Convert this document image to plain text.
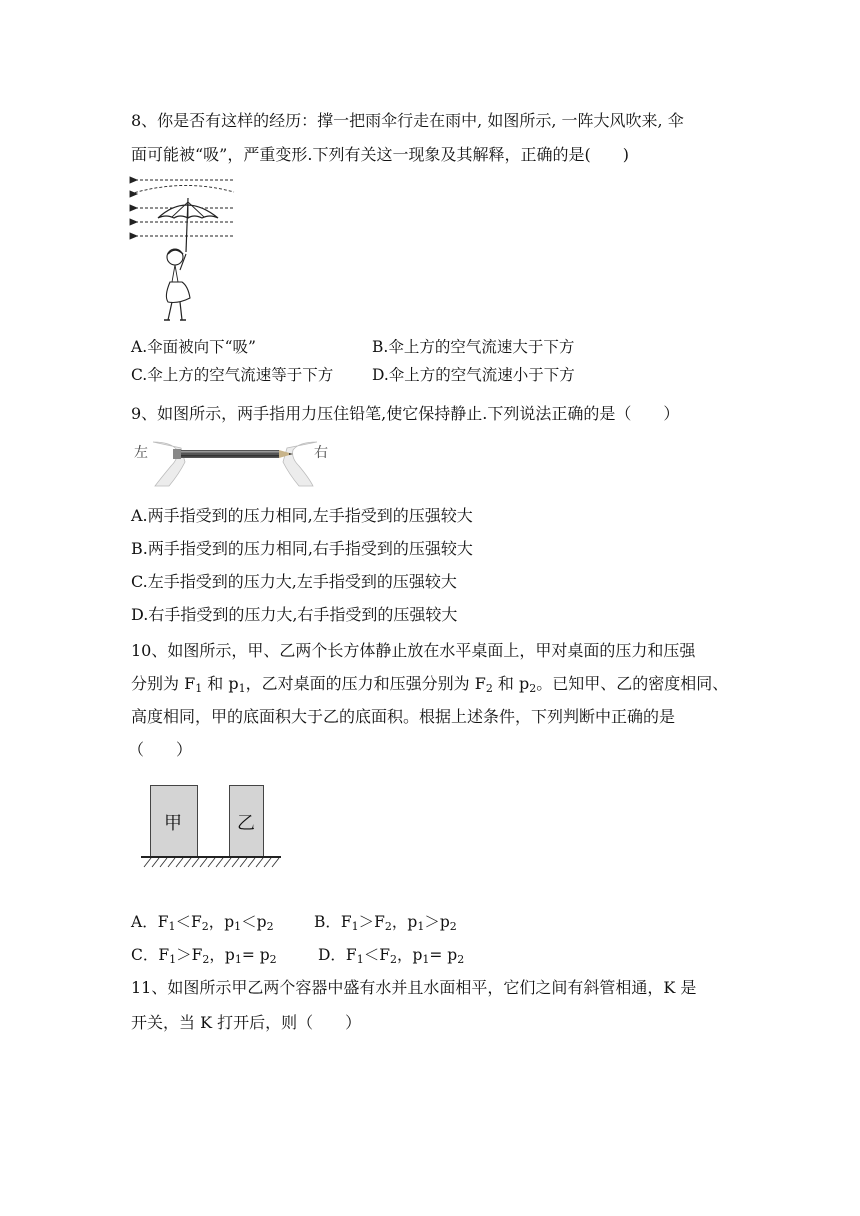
8、你是否有这样的经历：撑一把雨伞行走在雨中, 如图所示, 一阵大风吹来, 伞
面可能被“吸”，严重变形.下列有关这一现象及其解释，正确的是(　　)
A.伞面被向下“吸”	B.伞上方的空气流速大于下方
C.伞上方的空气流速等于下方	D.伞上方的空气流速小于下方
9、如图所示，两手指用力压住铅笔,使它保持静止.下列说法正确的是（　　）
左	右
A.两手指受到的压力相同,左手指受到的压强较大
B.两手指受到的压力相同,右手指受到的压强较大
C.左手指受到的压力大,左手指受到的压强较大
D.右手指受到的压力大,右手指受到的压强较大
10、如图所示，甲、乙两个长方体静止放在水平桌面上，甲对桌面的压力和压强
分别为 $F_1$ 和 $p_1$，乙对桌面的压力和压强分别为 $F_2$ 和 $p_2$。已知甲、乙的密度相同、
高度相同，甲的底面积大于乙的底面积。根据上述条件，下列判断中正确的是
（　　）
甲	乙
A．$F_1<F_2$，$p_1<p_2$	B．$F_1>F_2$，$p_1>p_2$
C．$F_1>F_2$，$p_1= p_2$	D．$F_1<F_2$，$p_1= p_2$
11、如图所示甲乙两个容器中盛有水并且水面相平，它们之间有斜管相通，K 是
开关，当 K 打开后，则（　　）
